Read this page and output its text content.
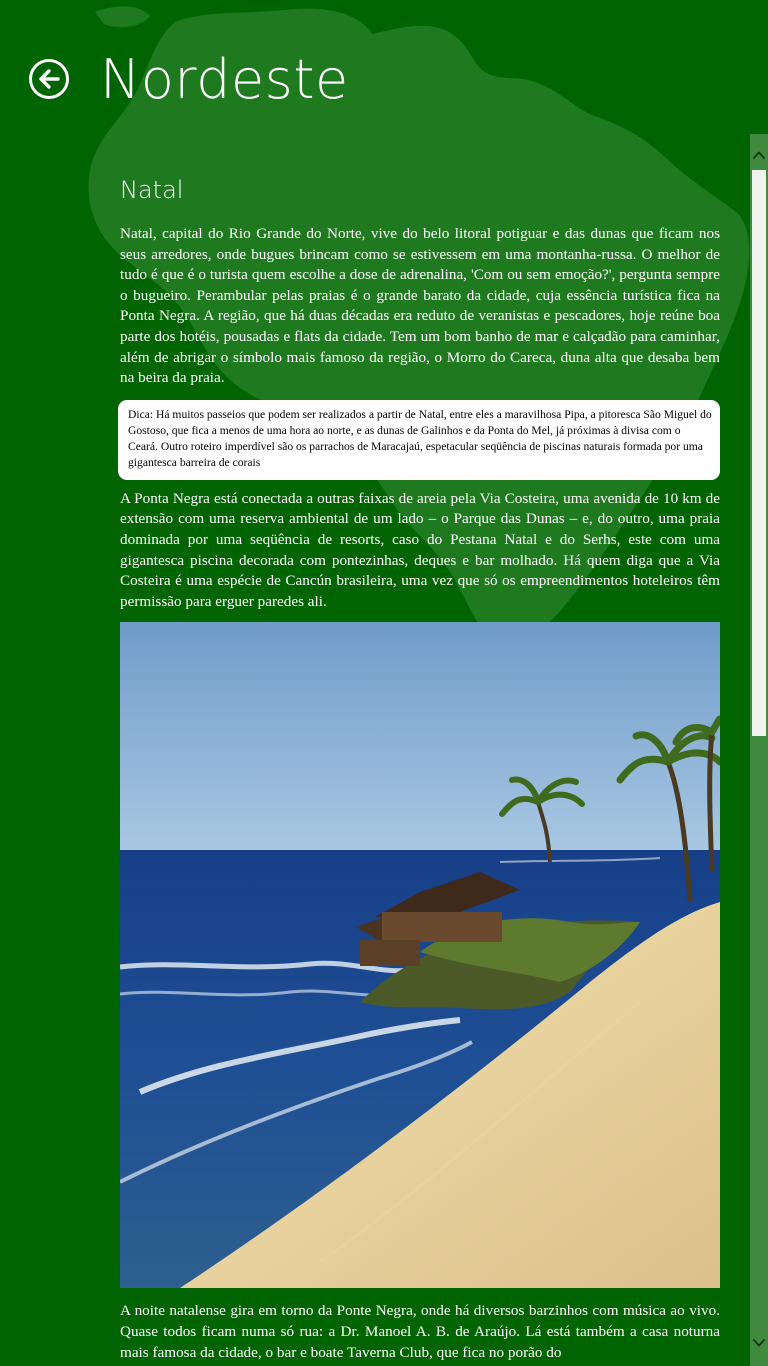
Nordeste
Natal

Natal, capital do Rio Grande do Norte, vive do belo litoral potiguar e das dunas que ficam nos seus arredores, onde bugues brincam como se estivessem em uma montanha-russa. O melhor de tudo é que é o turista quem escolhe a dose de adrenalina, 'Com ou sem emoção?', pergunta sempre o bugueiro. Perambular pelas praias é o grande barato da cidade, cuja essência turística fica na Ponta Negra. A região, que há duas décadas era reduto de veranistas e pescadores, hoje reúne boa parte dos hotéis, pousadas e flats da cidade. Tem um bom banho de mar e calçadão para caminhar, além de abrigar o símbolo mais famoso da região, o Morro do Careca, duna alta que desaba bem na beira da praia.

Dica: Há muitos passeios que podem ser realizados a partir de Natal, entre eles a maravilhosa Pipa, a pitoresca São Miguel do Gostoso, que fica a menos de uma hora ao norte, e as dunas de Galinhos e da Ponta do Mel, já próximas à divisa com o Ceará. Outro roteiro imperdível são os parrachos de Maracajaú, espetacular seqüência de piscinas naturais formada por uma gigantesca barreira de corais

A Ponta Negra está conectada a outras faixas de areia pela Via Costeira, uma avenida de 10 km de extensão com uma reserva ambiental de um lado – o Parque das Dunas – e, do outro, uma praia dominada por uma seqüência de resorts, caso do Pestana Natal e do Serhs, este com uma gigantesca piscina decorada com pontezinhas, deques e bar molhado. Há quem diga que a Via Costeira é uma espécie de Cancún brasileira, uma vez que só os empreendimentos hoteleiros têm permissão para erguer paredes ali.

A noite natalense gira em torno da Ponte Negra, onde há diversos barzinhos com música ao vivo. Quase todos ficam numa só rua: a Dr. Manoel A. B. de Araújo. Lá está também a casa noturna mais famosa da cidade, o bar e boate Taverna Club, que fica no porão do
